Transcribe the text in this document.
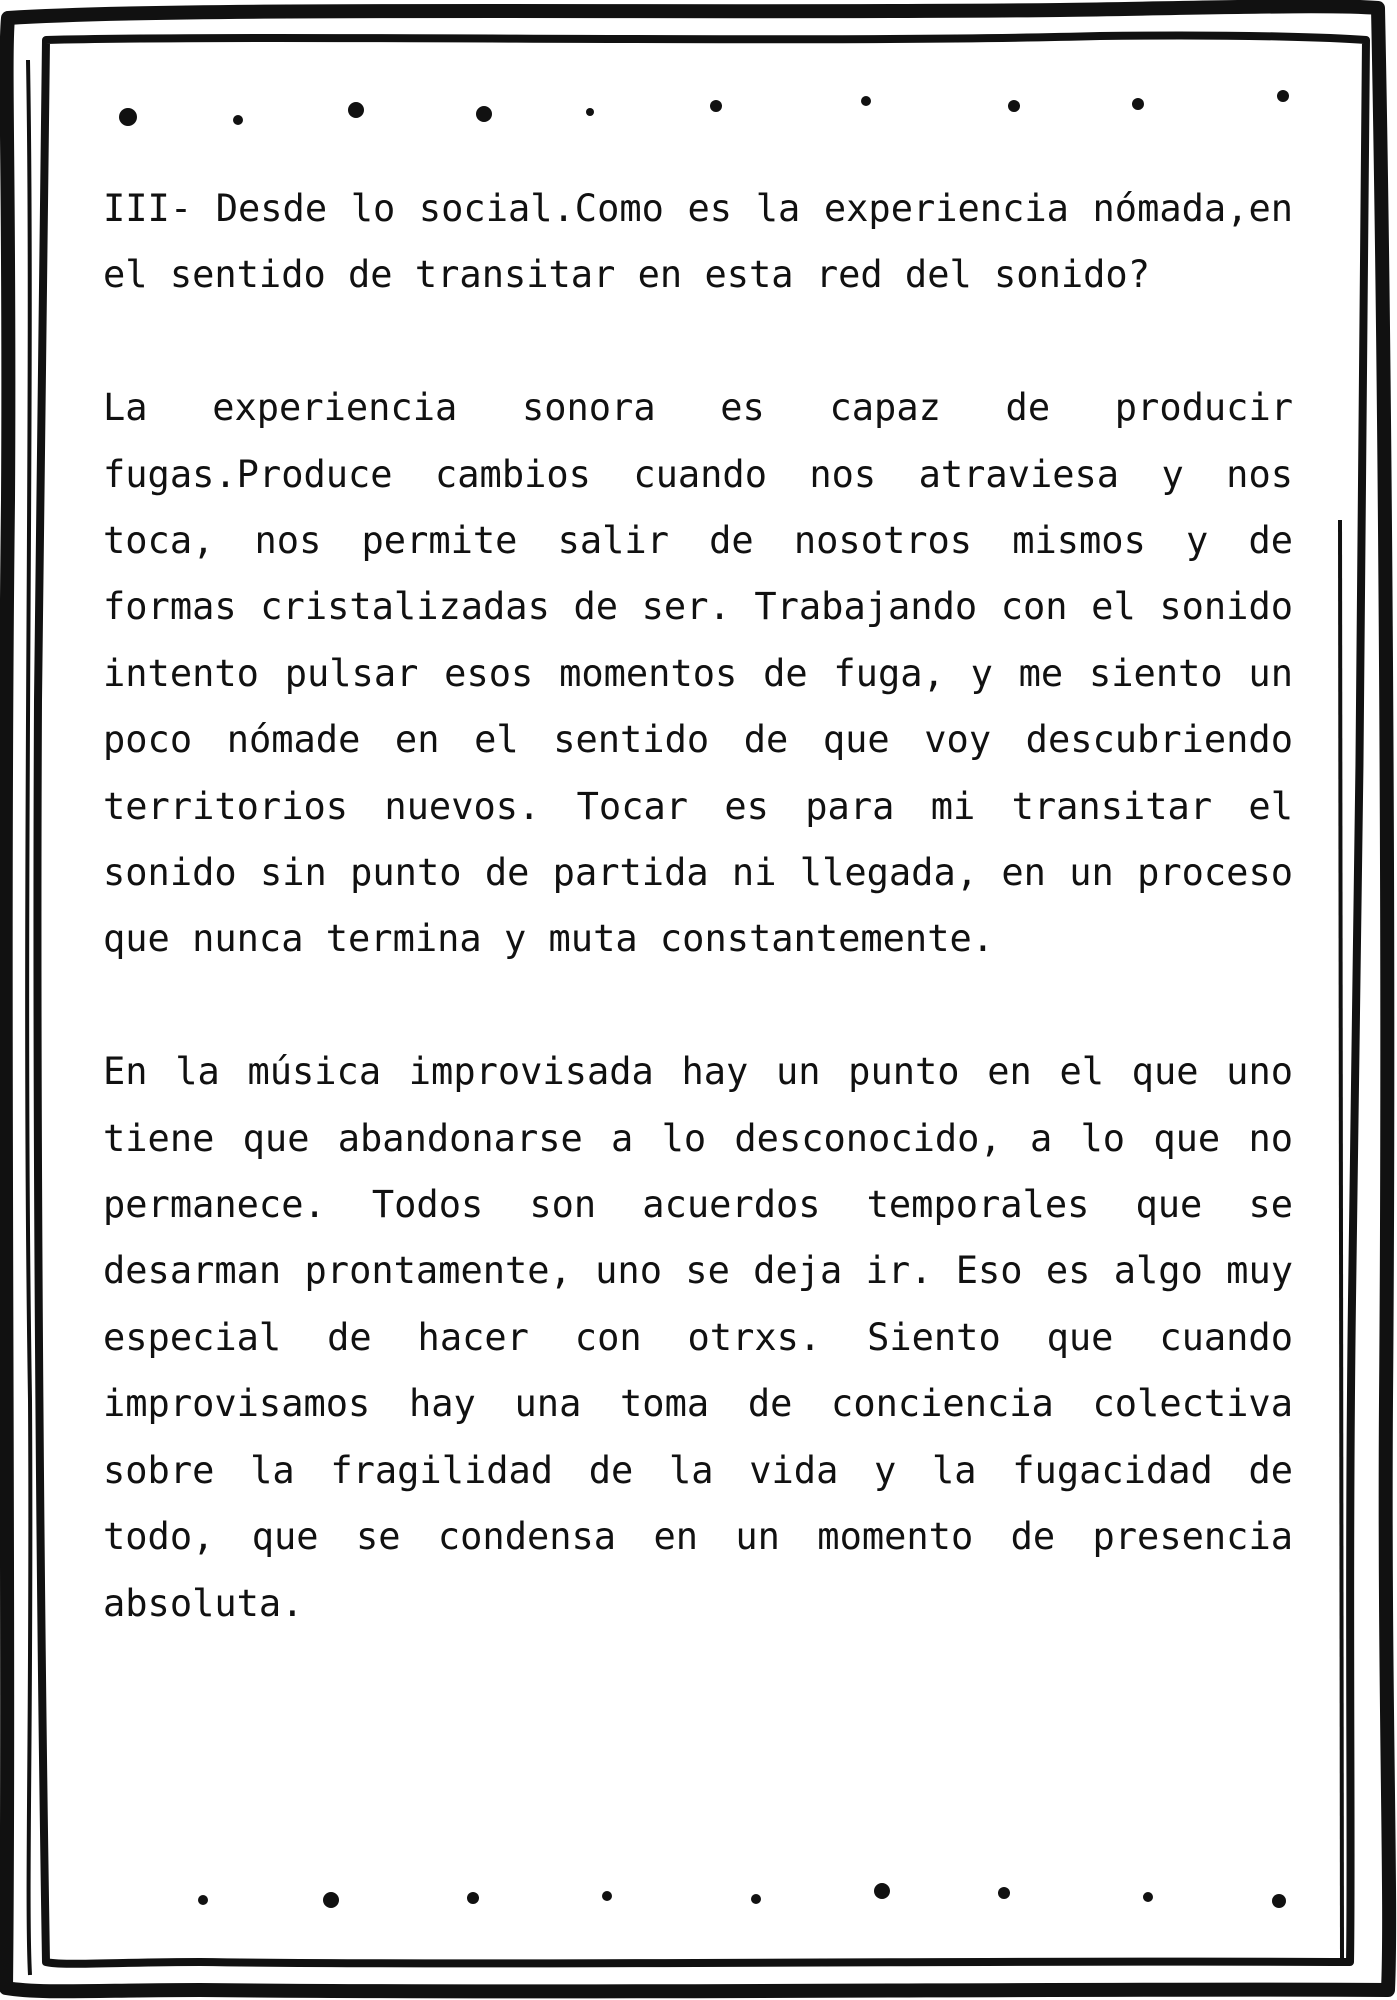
III- Desde lo social.Como es la experiencia nómada,en el sentido de transitar en esta red del sonido?

La experiencia sonora es capaz de producir fugas.Produce cambios cuando nos atraviesa y nos toca, nos permite salir de nosotros mismos y de formas cristalizadas de ser. Trabajando con el sonido intento pulsar esos momentos de fuga, y me siento un poco nómade en el sentido de que voy descubriendo territorios nuevos. Tocar es para mi transitar el sonido sin punto de partida ni llegada, en un proceso que nunca termina y muta constantemente.

En la música improvisada hay un punto en el que uno tiene que abandonarse a lo desconocido, a lo que no permanece. Todos son acuerdos temporales que se desarman prontamente, uno se deja ir. Eso es algo muy especial de hacer con otrxs. Siento que cuando improvisamos hay una toma de conciencia colectiva sobre la fragilidad de la vida y la fugacidad de todo, que se condensa en un momento de presencia absoluta.
